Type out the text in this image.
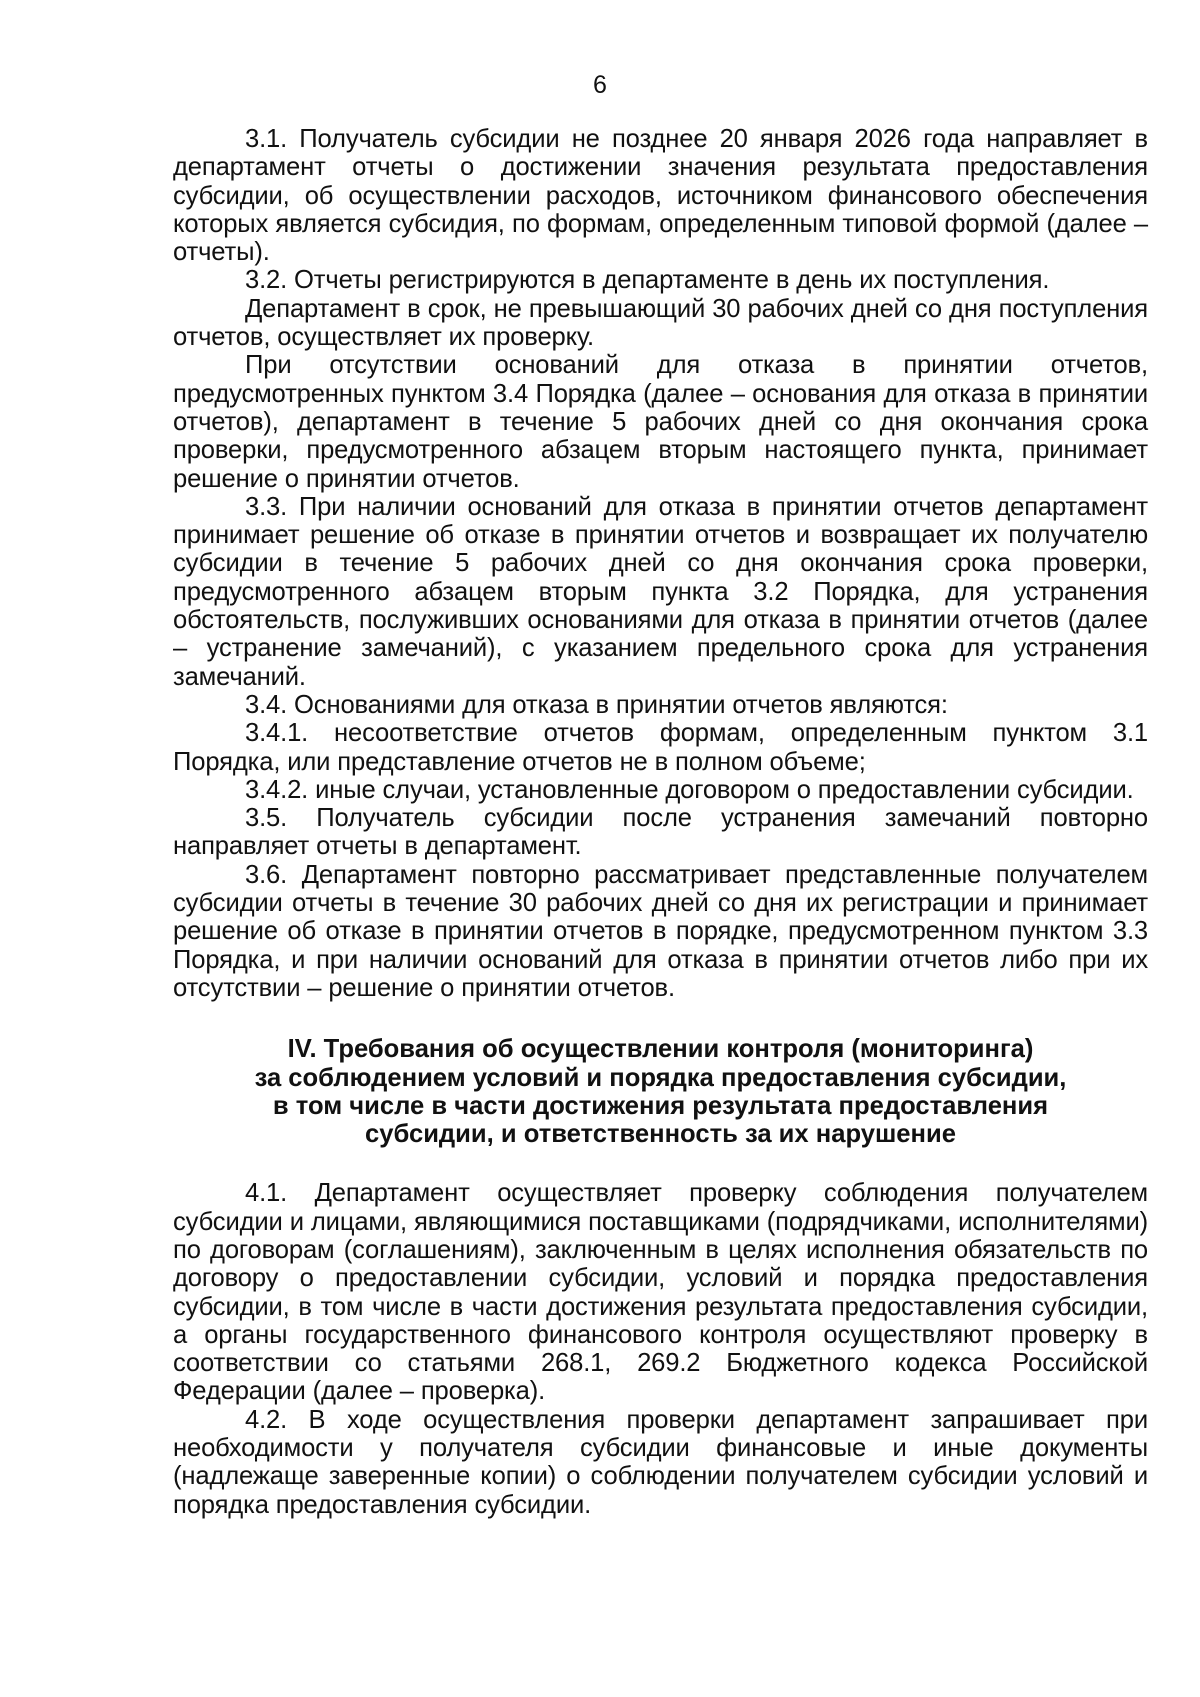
6

3.1. Получатель субсидии не позднее 20 января 2026 года направляет в департамент отчеты о достижении значения результата предоставления субсидии, об осуществлении расходов, источником финансового обеспечения которых является субсидия, по формам, определенным типовой формой (далее – отчеты).

3.2. Отчеты регистрируются в департаменте в день их поступления.

Департамент в срок, не превышающий 30 рабочих дней со дня поступления отчетов, осуществляет их проверку.

При отсутствии оснований для отказа в принятии отчетов, предусмотренных пунктом 3.4 Порядка (далее – основания для отказа в принятии отчетов), департамент в течение 5 рабочих дней со дня окончания срока проверки, предусмотренного абзацем вторым настоящего пункта, принимает решение о принятии отчетов.

3.3. При наличии оснований для отказа в принятии отчетов департамент принимает решение об отказе в принятии отчетов и возвращает их получателю субсидии в течение 5 рабочих дней со дня окончания срока проверки, предусмотренного абзацем вторым пункта 3.2 Порядка, для устранения обстоятельств, послуживших основаниями для отказа в принятии отчетов (далее – устранение замечаний), с указанием предельного срока для устранения замечаний.

3.4. Основаниями для отказа в принятии отчетов являются:

3.4.1. несоответствие отчетов формам, определенным пунктом 3.1 Порядка, или представление отчетов не в полном объеме;

3.4.2. иные случаи, установленные договором о предоставлении субсидии.

3.5. Получатель субсидии после устранения замечаний повторно направляет отчеты в департамент.

3.6. Департамент повторно рассматривает представленные получателем субсидии отчеты в течение 30 рабочих дней со дня их регистрации и принимает решение об отказе в принятии отчетов в порядке, предусмотренном пунктом 3.3 Порядка, и при наличии оснований для отказа в принятии отчетов либо при их отсутствии – решение о принятии отчетов.

IV. Требования об осуществлении контроля (мониторинга)
за соблюдением условий и порядка предоставления субсидии,
в том числе в части достижения результата предоставления
субсидии, и ответственность за их нарушение

4.1. Департамент осуществляет проверку соблюдения получателем субсидии и лицами, являющимися поставщиками (подрядчиками, исполнителями) по договорам (соглашениям), заключенным в целях исполнения обязательств по договору о предоставлении субсидии, условий и порядка предоставления субсидии, в том числе в части достижения результата предоставления субсидии, а органы государственного финансового контроля осуществляют проверку в соответствии со статьями 268.1, 269.2 Бюджетного кодекса Российской Федерации (далее – проверка).

4.2. В ходе осуществления проверки департамент запрашивает при необходимости у получателя субсидии финансовые и иные документы (надлежаще заверенные копии) о соблюдении получателем субсидии условий и порядка предоставления субсидии.
